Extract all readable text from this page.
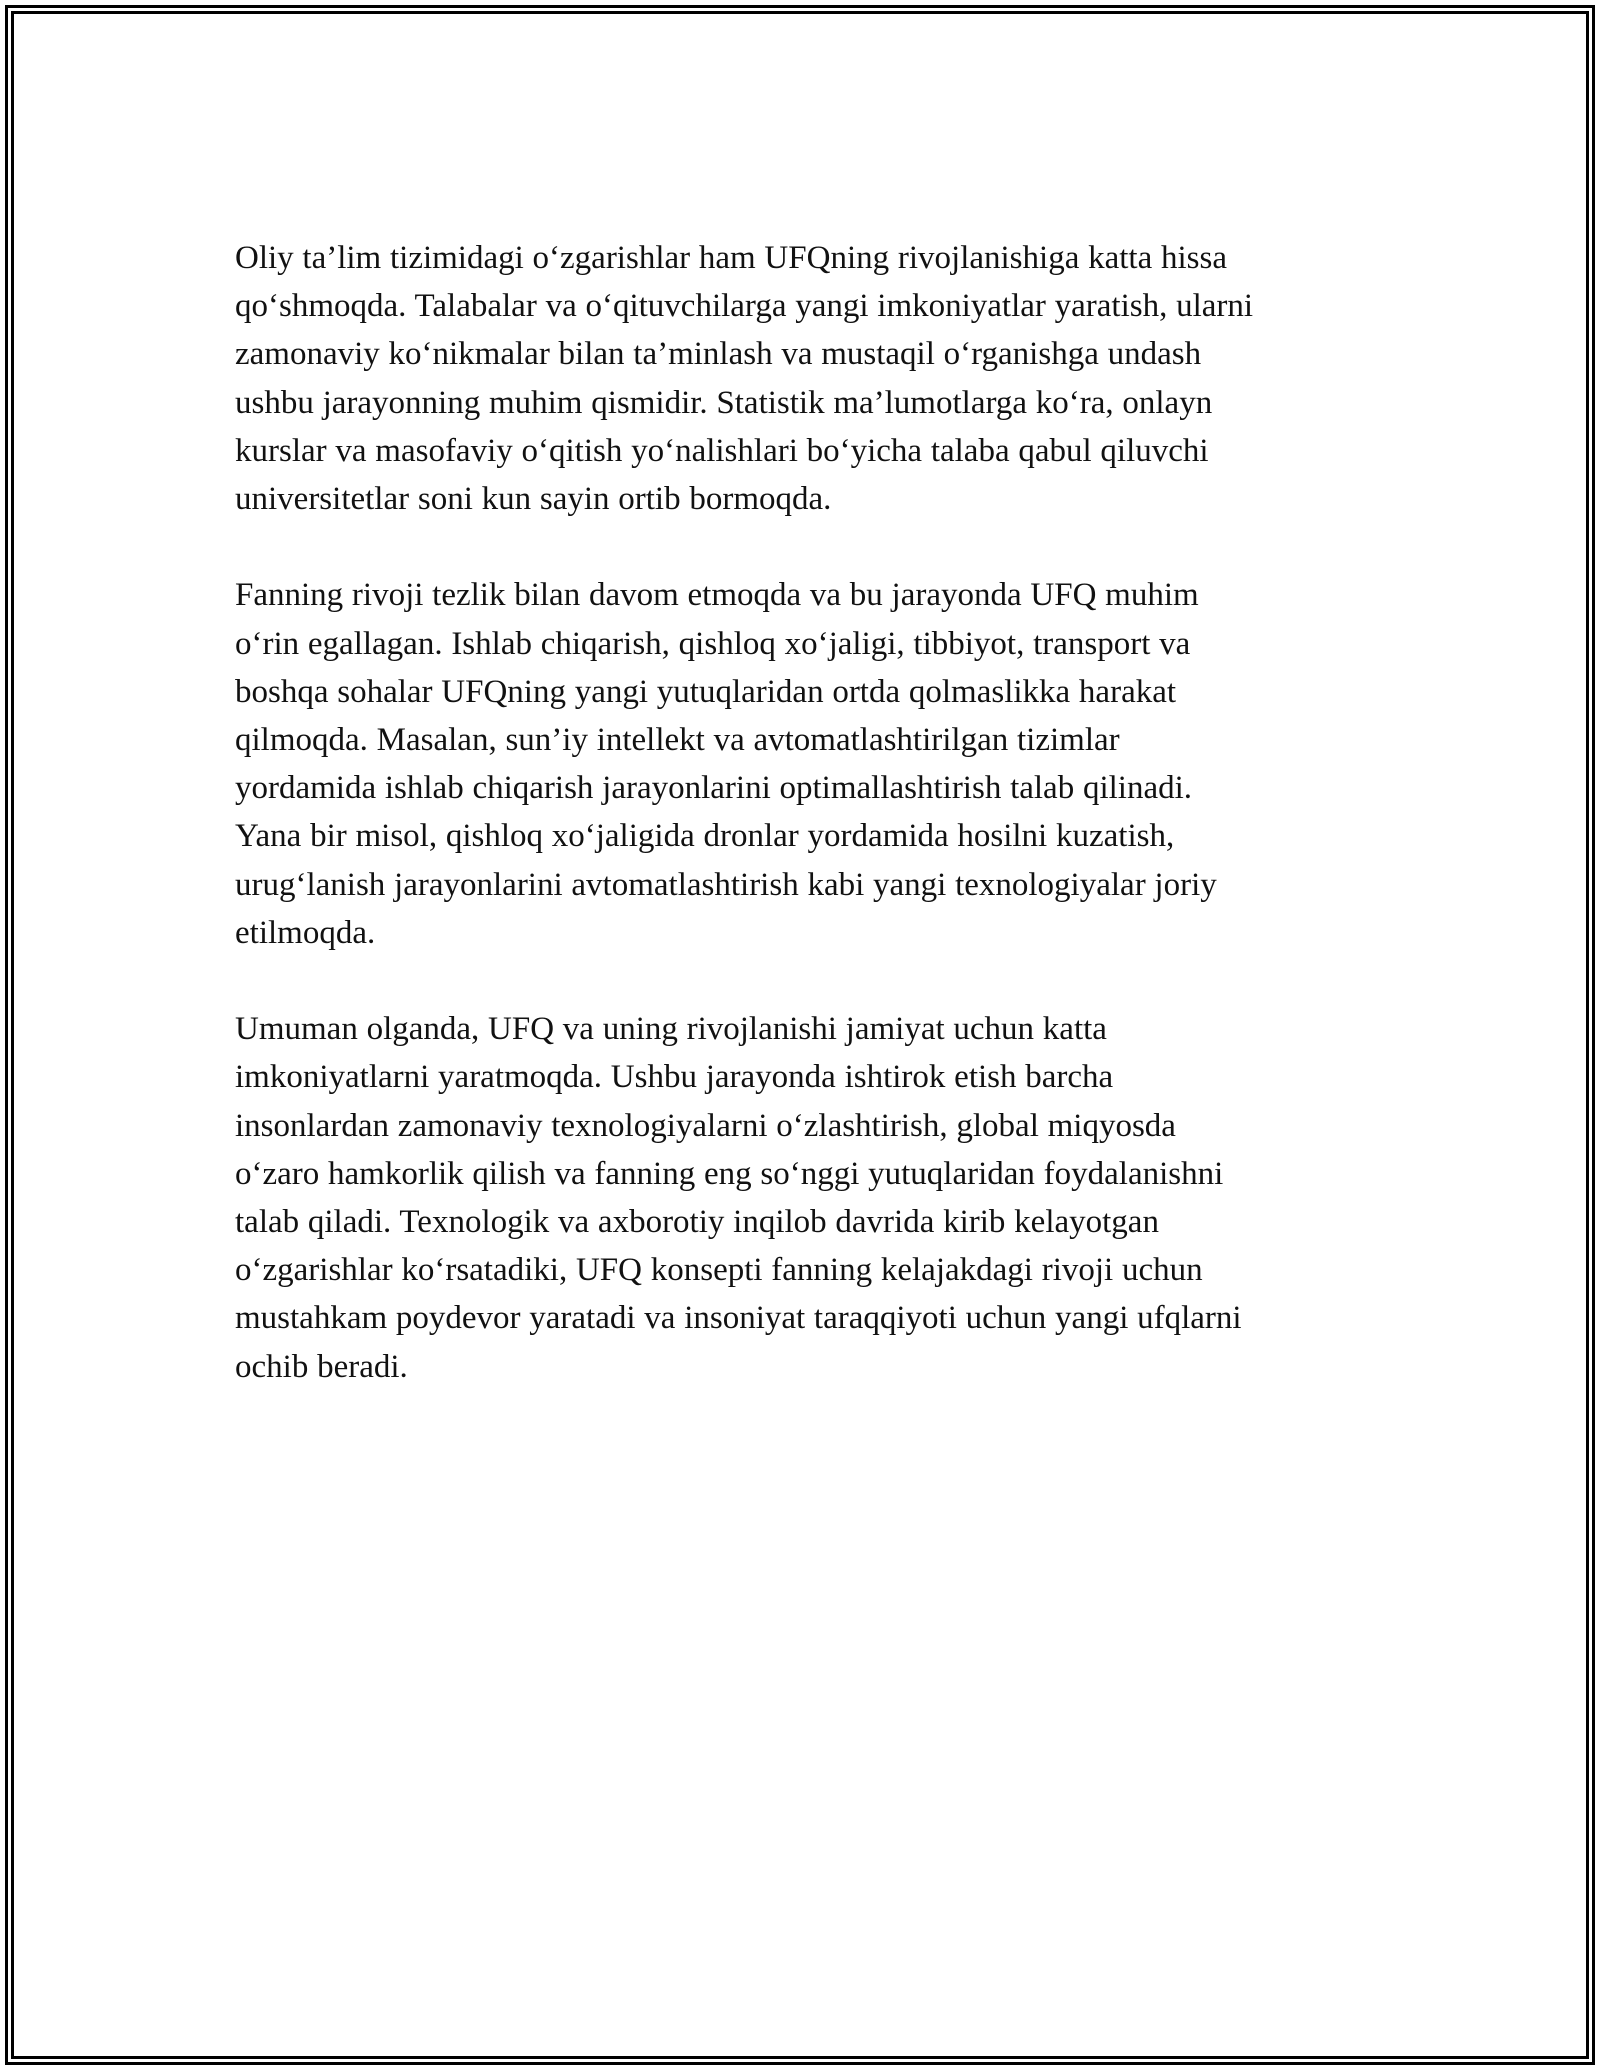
Oliy ta’lim tizimidagi o‘zgarishlar ham UFQning rivojlanishiga katta hissa
qo‘shmoqda. Talabalar va o‘qituvchilarga yangi imkoniyatlar yaratish, ularni
zamonaviy ko‘nikmalar bilan ta’minlash va mustaqil o‘rganishga undash
ushbu jarayonning muhim qismidir. Statistik ma’lumotlarga ko‘ra, onlayn
kurslar va masofaviy o‘qitish yo‘nalishlari bo‘yicha talaba qabul qiluvchi
universitetlar soni kun sayin ortib bormoqda.

Fanning rivoji tezlik bilan davom etmoqda va bu jarayonda UFQ muhim
o‘rin egallagan. Ishlab chiqarish, qishloq xo‘jaligi, tibbiyot, transport va
boshqa sohalar UFQning yangi yutuqlaridan ortda qolmaslikka harakat
qilmoqda. Masalan, sun’iy intellekt va avtomatlashtirilgan tizimlar
yordamida ishlab chiqarish jarayonlarini optimallashtirish talab qilinadi.
Yana bir misol, qishloq xo‘jaligida dronlar yordamida hosilni kuzatish,
urug‘lanish jarayonlarini avtomatlashtirish kabi yangi texnologiyalar joriy
etilmoqda.

Umuman olganda, UFQ va uning rivojlanishi jamiyat uchun katta
imkoniyatlarni yaratmoqda. Ushbu jarayonda ishtirok etish barcha
insonlardan zamonaviy texnologiyalarni o‘zlashtirish, global miqyosda
o‘zaro hamkorlik qilish va fanning eng so‘nggi yutuqlaridan foydalanishni
talab qiladi. Texnologik va axborotiy inqilob davrida kirib kelayotgan
o‘zgarishlar ko‘rsatadiki, UFQ konsepti fanning kelajakdagi rivoji uchun
mustahkam poydevor yaratadi va insoniyat taraqqiyoti uchun yangi ufqlarni
ochib beradi.
